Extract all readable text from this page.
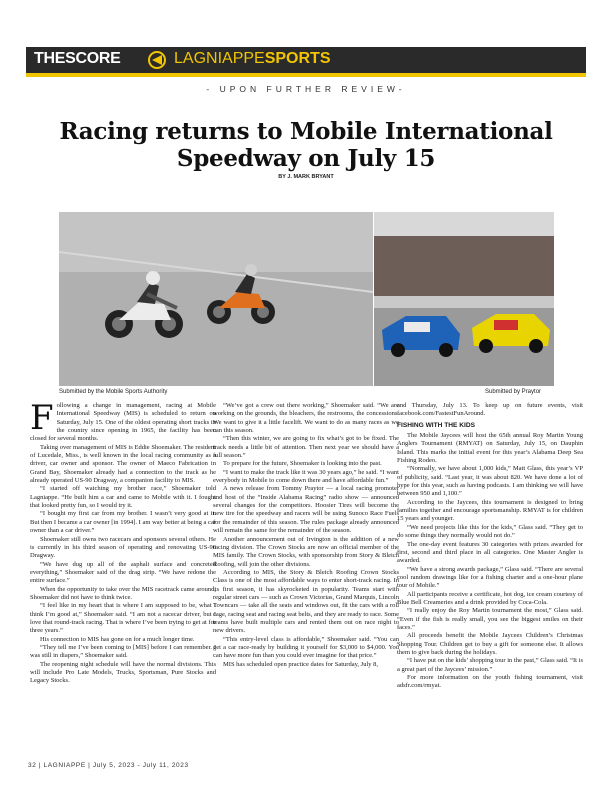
THESCORE	LAGNIAPPESPORTS
- UPON FURTHER REVIEW-
Racing returns to Mobile International Speedway on July 15
BY J. MARK BRYANT
Submitted by the Mobile Sports Authority	Submitted by Praytor

Following a change in management, racing at Mobile International Speedway (MIS) is scheduled to return on Saturday, July 15. One of the oldest operating short tracks in the country since opening in 1965, the facility has been closed for several months.

Taking over management of MIS is Eddie Shoemaker. The resident of Lucedale, Miss., is well known in the local racing community as a driver, car owner and sponsor. The owner of Maeco Fabrication in Grand Bay, Shoemaker already had a connection to the track as he already operated US-90 Dragway, a companion facility to MIS.

“I started off watching my brother race,” Shoemaker told Lagniappe. “He built him a car and came to Mobile with it. I fought that looked pretty fun, so I would try it.

“I bought my first car from my brother. I wasn’t very good at it. But then I became a car owner [in 1994]. I am way better at being a car owner than a car driver.”

Shoemaker still owns two racecars and sponsors several others. He is currently in his third season of operating and renovating US-90 Dragway.

“We have dug up all of the asphalt surface and concreted everything,” Shoemaker said of the drag strip. “We have redone the entire surface.”

When the opportunity to take over the MIS racetrack came around, Shoemaker did not have to think twice.

“I feel like in my heart that is where I am supposed to be, what I think I’m good at,” Shoemaker said. “I am not a racecar driver, but I love that round-track racing. That is where I’ve been trying to get at for three years.”

His connection to MIS has gone on for a much longer time.

“They tell me I’ve been coming to [MIS] before I can remember. I was still in diapers,” Shoemaker said.

The reopening night schedule will have the normal divisions. This will include Pro Late Models, Trucks, Sportsman, Pure Stocks and Legacy Stocks.

“We’ve got a crew out there working,” Shoemaker said. “We are working on the grounds, the bleachers, the restrooms, the concessions. We want to give it a little facelift. We want to do as many races as we can this season.

“Then this winter, we are going to fix what’s got to be fixed. The track needs a little bit of attention. Then next year we should have a full season.”

To prepare for the future, Shoemaker is looking into the past.

“I want to make the track like it was 30 years ago,” he said. “I want everybody in Mobile to come down there and have affordable fun.”

A news release from Tommy Praytor — a local racing promoter and host of the “Inside Alabama Racing” radio show — announced several changes for the competitors. Hoosier Tires will become the new tire for the speedway and racers will be using Sunoco Race Fuels for the remainder of this season. The rules package already announced will remain the same for the remainder of the season.

Another announcement out of Irvington is the addition of a new racing division. The Crown Stocks are now an official member of the MIS family. The Crown Stocks, with sponsorship from Story & Bleich Roofing, will join the other divisions.

According to MIS, the Story & Bleich Roofing Crown Stocks Class is one of the most affordable ways to enter short-track racing. In its first season, it has skyrocketed in popularity. Teams start with regular street cars — such as Crown Victorias, Grand Marquis, Lincoln Towncars — take all the seats and windows out, fit the cars with a roll cage, racing seat and racing seat belts, and they are ready to race. Some teams have built multiple cars and rented them out on race night to new drivers.

“This entry-level class is affordable,” Shoemaker said. “You can get a car race-ready by building it yourself for $3,000 to $4,000. You can have more fun than you could ever imagine for that price.”

MIS has scheduled open practice dates for Saturday, July 8,

and Thursday, July 13. To keep up on future events, visit facebook.com/FastestFunAround.

FISHING WITH THE KIDS

The Mobile Jaycees will host the 65th annual Roy Martin Young Anglers Tournament (RMYAT) on Saturday, July 15, on Dauphin Island. This marks the initial event for this year’s Alabama Deep Sea Fishing Rodeo.

“Normally, we have about 1,000 kids,” Matt Glass, this year’s VP of publicity, said. “Last year, it was about 820. We have done a lot of hype for this year, such as having podcasts. I am thinking we will have between 950 and 1,100.”

According to the Jaycees, this tournament is designed to bring families together and encourage sportsmanship. RMYAT is for children 15 years and younger.

“We need projects like this for the kids,” Glass said. “They get to do some things they normally would not do.”

The one-day event features 30 categories with prizes awarded for first, second and third place in all categories. One Master Angler is awarded.

“We have a strong awards package,” Glass said. “There are several cool random drawings like for a fishing charter and a one-hour plane tour of Mobile.”

All participants receive a certificate, hot dog, ice cream courtesy of Blue Bell Creameries and a drink provided by Coca-Cola.

“I really enjoy the Roy Martin tournament the most,” Glass said. “Even if the fish is really small, you see the biggest smiles on their faces.”

All proceeds benefit the Mobile Jaycees Children’s Christmas Shopping Tour. Children get to buy a gift for someone else. It allows them to give back during the holidays.

“I have put on the kids’ shopping tour in the past,” Glass said. “It is a great part of the Jaycees’ mission.”

For more information on the youth fishing tournament, visit adsfr.com/rmyat.

32 | LAGNIAPPE | July 5, 2023 - July 11, 2023
